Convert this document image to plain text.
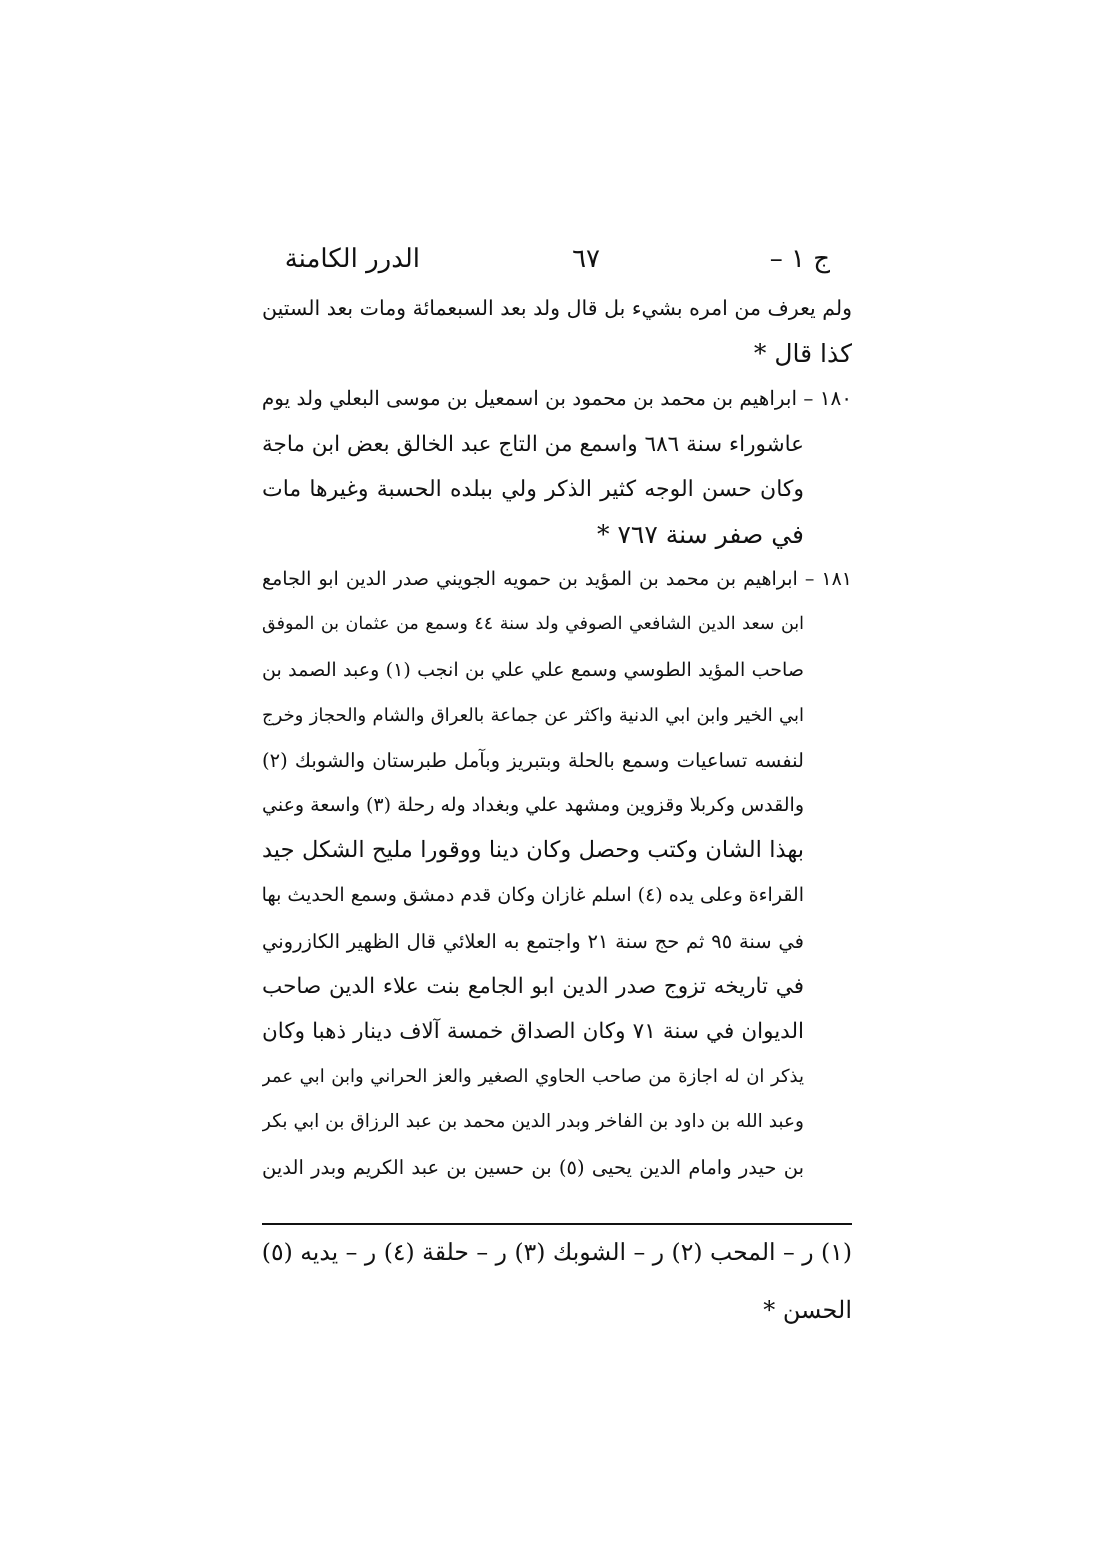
ج ١ –
٦٧
الدرر الكامنة
ولم يعرف من امره بشيء بل قال ولد بعد السبعمائة ومات بعد الستين
كذا قال *
١٨٠ – ابراهيم بن محمد بن محمود بن اسمعيل بن موسى البعلي ولد يوم
عاشوراء سنة ٦٨٦ واسمع من التاج عبد الخالق بعض ابن ماجة
وكان حسن الوجه كثير الذكر ولي ببلده الحسبة وغيرها مات
في صفر سنة ٧٦٧ *
١٨١ – ابراهيم بن محمد بن المؤيد بن حمويه الجويني صدر الدين ابو الجامع
ابن سعد الدين الشافعي الصوفي ولد سنة ٤٤ وسمع من عثمان بن الموفق
صاحب المؤيد الطوسي وسمع علي علي بن انجب (١) وعبد الصمد بن
ابي الخير وابن ابي الدنية واكثر عن جماعة بالعراق والشام والحجاز وخرج
لنفسه تساعيات وسمع بالحلة وبتبريز وبآمل طبرستان والشوبك (٢)
والقدس وكربلا وقزوين ومشهد علي وبغداد وله رحلة (٣) واسعة وعني
بهذا الشان وكتب وحصل وكان دينا ووقورا مليح الشكل جيد
القراءة وعلى يده (٤) اسلم غازان وكان قدم دمشق وسمع الحديث بها
في سنة ٩٥ ثم حج سنة ٢١ واجتمع به العلائي قال الظهير الكازروني
في تاريخه تزوج صدر الدين ابو الجامع بنت علاء الدين صاحب
الديوان في سنة ٧١ وكان الصداق خمسة آلاف دينار ذهبا وكان
يذكر ان له اجازة من صاحب الحاوي الصغير والعز الحراني وابن ابي عمر
وعبد الله بن داود بن الفاخر وبدر الدين محمد بن عبد الرزاق بن ابي بكر
بن حيدر وامام الدين يحيى (٥) بن حسين بن عبد الكريم وبدر الدين
(١) ر – المحب (٢) ر – الشوبك (٣) ر – حلقة (٤) ر – يديه (٥)
الحسن *
